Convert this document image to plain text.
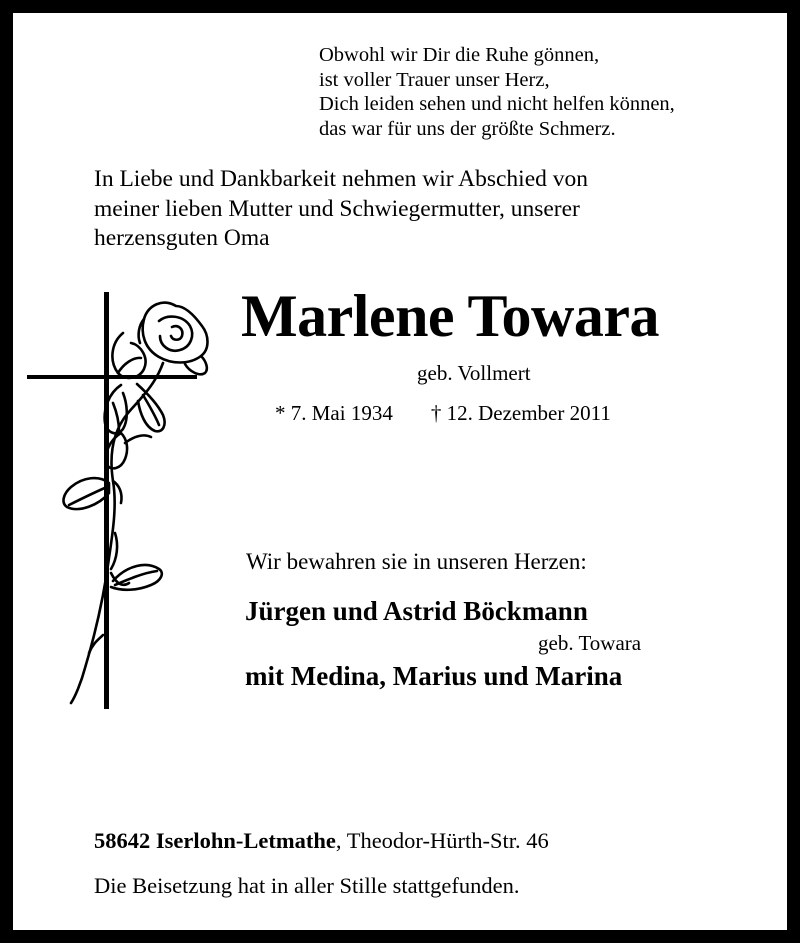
Obwohl wir Dir die Ruhe gönnen,
ist voller Trauer unser Herz,
Dich leiden sehen und nicht helfen können,
das war für uns der größte Schmerz.
In Liebe und Dankbarkeit nehmen wir Abschied von
meiner lieben Mutter und Schwiegermutter, unserer
herzensguten Oma
Marlene Towara
geb. Vollmert
* 7. Mai 1934 † 12. Dezember 2011
Wir bewahren sie in unseren Herzen:
Jürgen und Astrid Böckmann
geb. Towara
mit Medina, Marius und Marina
58642 Iserlohn-Letmathe, Theodor-Hürth-Str. 46
Die Beisetzung hat in aller Stille stattgefunden.
